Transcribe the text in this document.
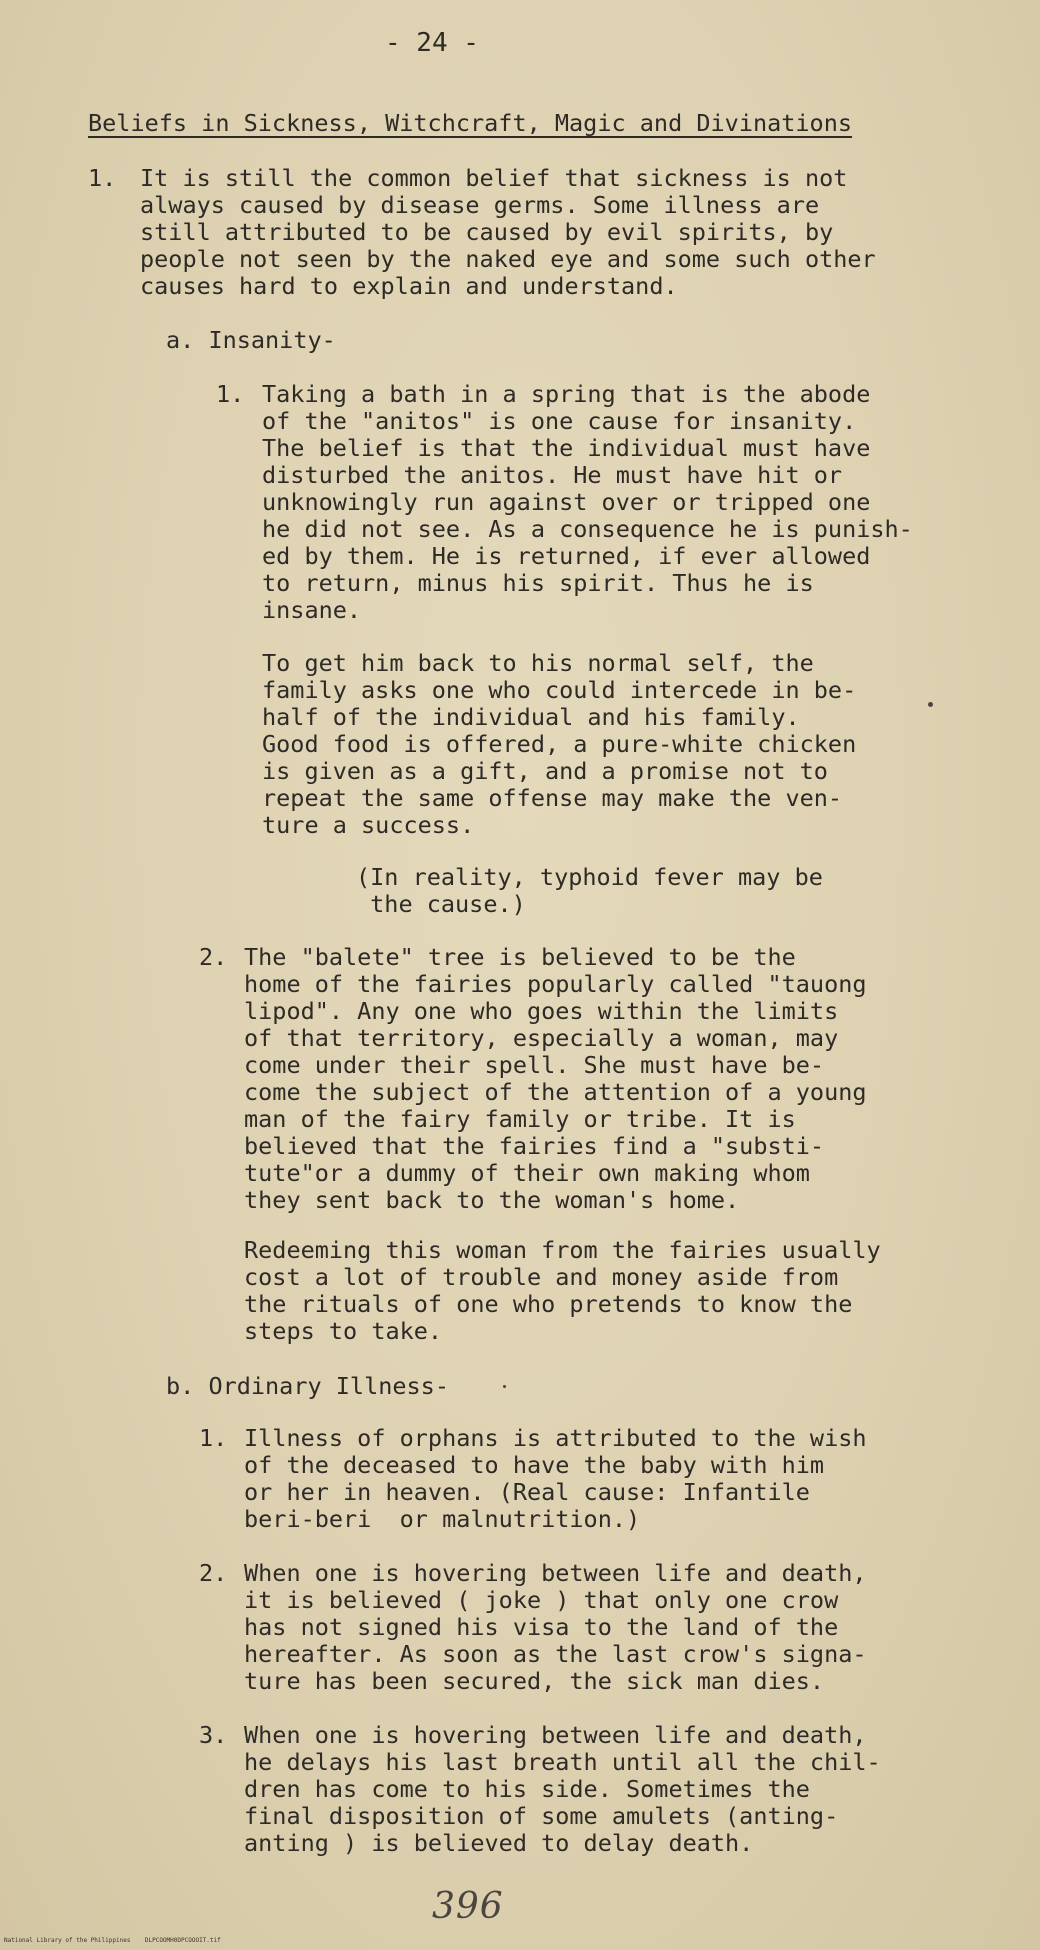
- 24 -
Beliefs in Sickness, Witchcraft, Magic and Divinations
1. It is still the common belief that sickness is not
always caused by disease germs. Some illness are
still attributed to be caused by evil spirits, by
people not seen by the naked eye and some such other
causes hard to explain and understand.
a. Insanity-
1. Taking a bath in a spring that is the abode
of the "anitos" is one cause for insanity.
The belief is that the individual must have
disturbed the anitos. He must have hit or
unknowingly run against over or tripped one
he did not see. As a consequence he is punish-
ed by them. He is returned, if ever allowed
to return, minus his spirit. Thus he is
insane.
To get him back to his normal self, the
family asks one who could intercede in be-
half of the individual and his family.
Good food is offered, a pure-white chicken
is given as a gift, and a promise not to
repeat the same offense may make the ven-
ture a success.
(In reality, typhoid fever may be
the cause.)
2. The "balete" tree is believed to be the
home of the fairies popularly called "tauong
lipod". Any one who goes within the limits
of that territory, especially a woman, may
come under their spell. She must have be-
come the subject of the attention of a young
man of the fairy family or tribe. It is
believed that the fairies find a "substi-
tute"or a dummy of their own making whom
they sent back to the woman's home.
Redeeming this woman from the fairies usually
cost a lot of trouble and money aside from
the rituals of one who pretends to know the
steps to take.
b. Ordinary Illness-
1. Illness of orphans is attributed to the wish
of the deceased to have the baby with him
or her in heaven. (Real cause: Infantile
beri-beri  or malnutrition.)
2. When one is hovering between life and death,
it is believed ( joke ) that only one crow
has not signed his visa to the land of the
hereafter. As soon as the last crow's signa-
ture has been secured, the sick man dies.
3. When one is hovering between life and death,
he delays his last breath until all the chil-
dren has come to his side. Sometimes the
final disposition of some amulets (anting-
anting ) is believed to delay death.
396
National Library of the Philippines    DLPCOOMH0DPCOOOIT.tif
